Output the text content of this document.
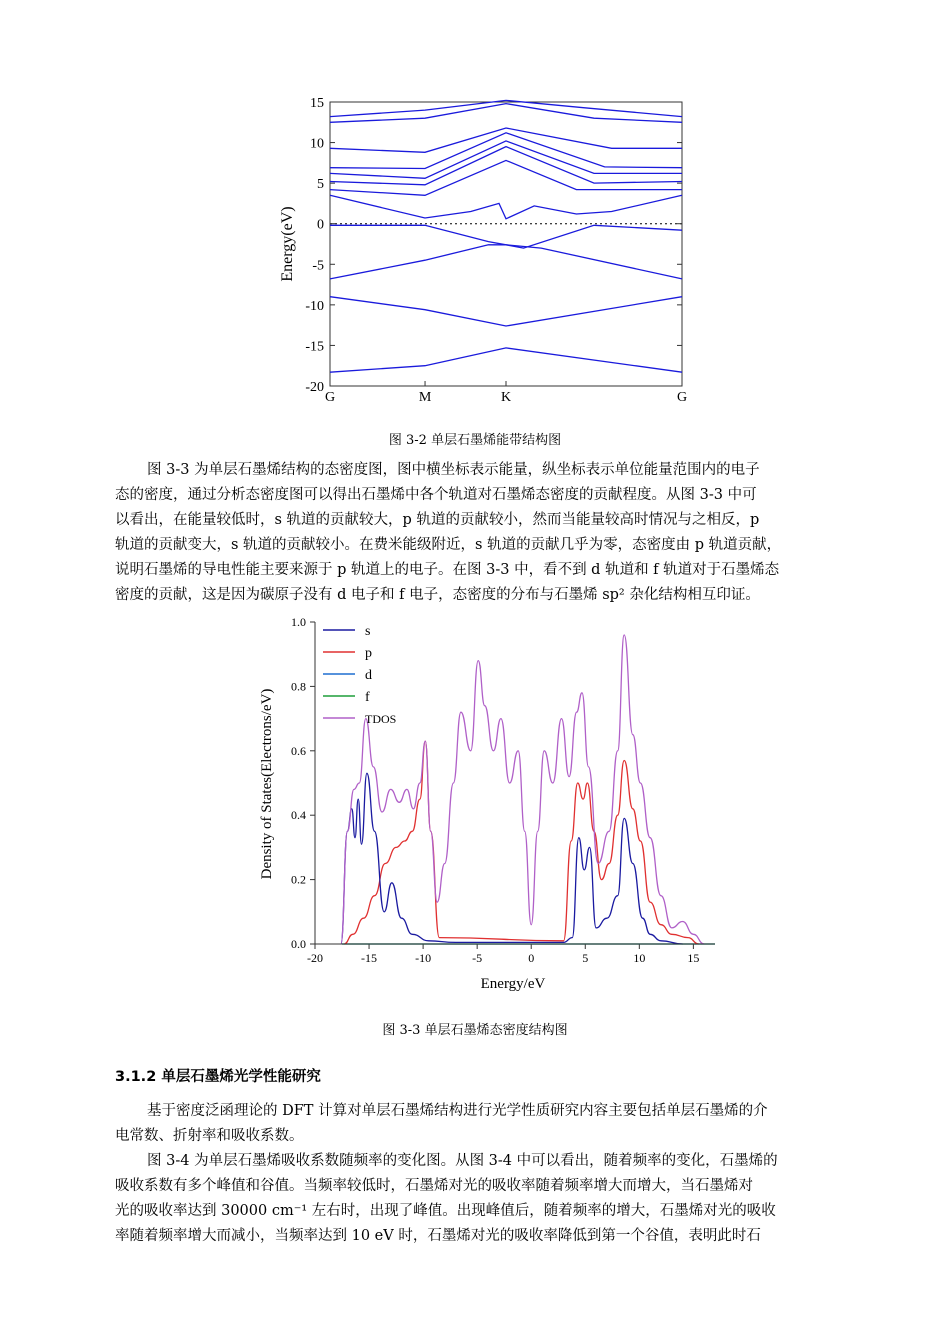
15
10
5
0
-5
-10
-15
-20
G	M	K	G
Energy(eV)
图 3-2 单层石墨烯能带结构图
图 3-3 为单层石墨烯结构的态密度图，图中横坐标表示能量，纵坐标表示单位能量范围内的电子
态的密度，通过分析态密度图可以得出石墨烯中各个轨道对石墨烯态密度的贡献程度。从图 3-3 中可
以看出，在能量较低时，s 轨道的贡献较大，p 轨道的贡献较小，然而当能量较高时情况与之相反，p
轨道的贡献变大，s 轨道的贡献较小。在费米能级附近，s 轨道的贡献几乎为零，态密度由 p 轨道贡献，
说明石墨烯的导电性能主要来源于 p 轨道上的电子。在图 3-3 中，看不到 d 轨道和 f 轨道对于石墨烯态
密度的贡献，这是因为碳原子没有 d 电子和 f 电子，态密度的分布与石墨烯 sp² 杂化结构相互印证。
0.0
0.2
0.4
0.6
0.8
1.0
-20	-15	-10	-5	0	5	10	15
s
p
d
f
TDOS
Density of States(Electrons/eV)
Energy/eV
图 3-3 单层石墨烯态密度结构图
3.1.2 单层石墨烯光学性能研究
基于密度泛函理论的 DFT 计算对单层石墨烯结构进行光学性质研究内容主要包括单层石墨烯的介
电常数、折射率和吸收系数。
图 3-4 为单层石墨烯吸收系数随频率的变化图。从图 3-4 中可以看出，随着频率的变化，石墨烯的
吸收系数有多个峰值和谷值。当频率较低时，石墨烯对光的吸收率随着频率增大而增大，当石墨烯对
光的吸收率达到 30000 cm⁻¹ 左右时，出现了峰值。出现峰值后，随着频率的增大，石墨烯对光的吸收
率随着频率增大而减小，当频率达到 10 eV 时，石墨烯对光的吸收率降低到第一个谷值，表明此时石
